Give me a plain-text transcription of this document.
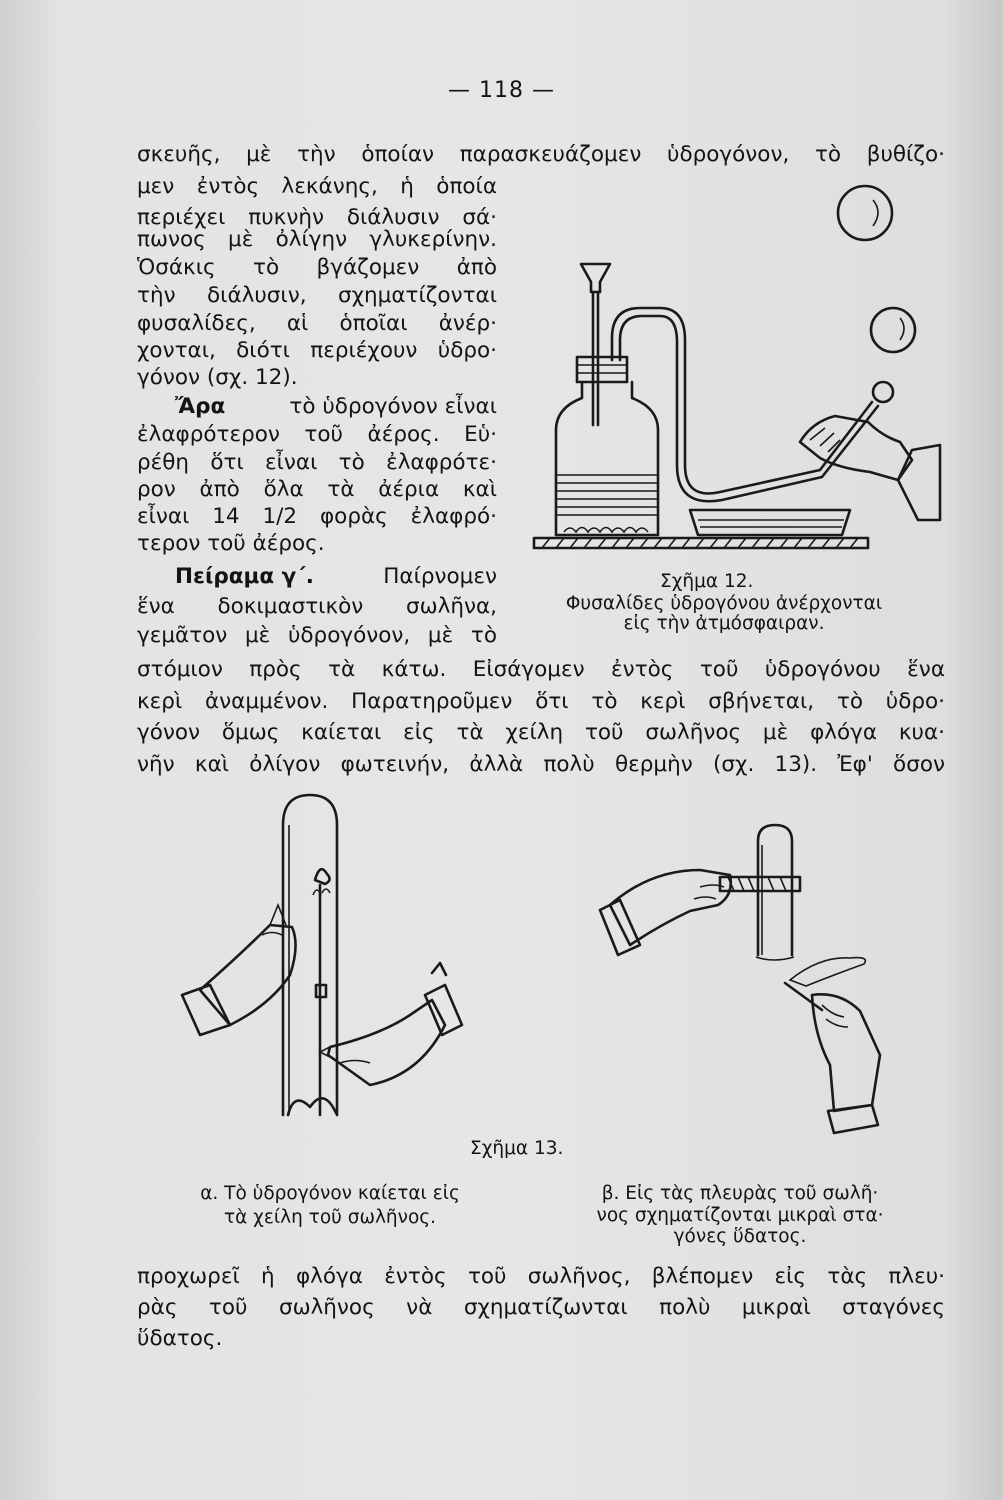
— 118 —
σκευῆς, μὲ τὴν ὁποίαν παρασκευάζομεν ὑδρογόνον, τὸ βυθίζο·
μεν ἐντὸς λεκάνης, ἡ ὁποία
περιέχει πυκνὴν διάλυσιν σά·
πωνος μὲ ὀλίγην γλυκερίνην.
Ὁσάκις τὸ βγάζομεν ἀπὸ
τὴν διάλυσιν, σχηματίζονται
φυσαλίδες, αἱ ὁποῖαι ἀνέρ·
χονται, διότι περιέχουν ὑδρο·
γόνον (σχ. 12).
Ἄρα	τὸ ὑδρογόνον εἶναι
ἐλαφρότερον τοῦ ἀέρος. Εὑ·
ρέθη ὅτι εἶναι τὸ ἐλαφρότε·
ρον ἀπὸ ὅλα τὰ ἀέρια καὶ
εἶναι 14 1/2 φορὰς ἐλαφρό·
τερον τοῦ ἀέρος.
Πείραμα γ΄.	Παίρνομεν
ἕνα δοκιμαστικὸν σωλῆνα,
γεμᾶτον μὲ ὑδρογόνον, μὲ τὸ
στόμιον πρὸς τὰ κάτω. Εἰσάγομεν ἐντὸς τοῦ ὑδρογόνου ἕνα
κερὶ ἀναμμένον. Παρατηροῦμεν ὅτι τὸ κερὶ σβήνεται, τὸ ὑδρο·
γόνον ὅμως καίεται εἰς τὰ χείλη τοῦ σωλῆνος μὲ φλόγα κυα·
νῆν καὶ ὀλίγον φωτεινήν, ἀλλὰ πολὺ θερμὴν (σχ. 13). Ἐφ' ὅσον
Σχῆμα 12.
Φυσαλίδες ὑδρογόνου ἀνέρχονται
εἰς τὴν ἀτμόσφαιραν.
Σχῆμα 13.
α. Τὸ ὑδρογόνον καίεται εἰς
τὰ χείλη τοῦ σωλῆνος.
β. Εἰς τὰς πλευρὰς τοῦ σωλῆ·
νος σχηματίζονται μικραὶ στα·
γόνες ὕδατος.
προχωρεῖ ἡ φλόγα ἐντὸς τοῦ σωλῆνος, βλέπομεν εἰς τὰς πλευ·
ρὰς τοῦ σωλῆνος νὰ σχηματίζωνται πολὺ μικραὶ σταγόνες
ὕδατος.
